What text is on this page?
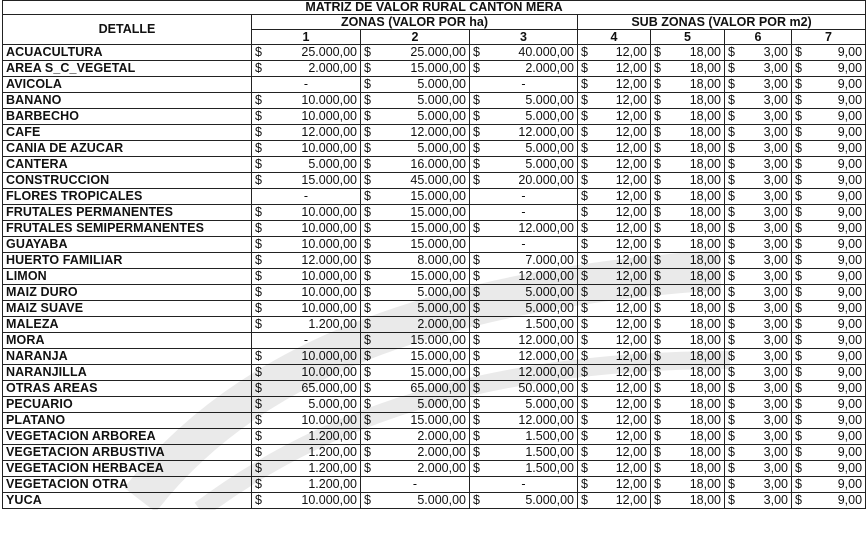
MATRIZ DE VALOR RURAL CANTON MERA							
DETALLE	ZONAS (VALOR POR ha)			SUB ZONAS (VALOR POR m2)			
	1	2	3	4	5	6	7
ACUACULTURA	$ 25.000,00	$ 25.000,00	$ 40.000,00	$ 12,00	$ 18,00	$ 3,00	$ 9,00

AREA S_C_VEGETAL	$ 2.000,00	$ 15.000,00	$ 2.000,00	$ 12,00	$ 18,00	$ 3,00	$ 9,00

AVICOLA	-	$ 5.000,00	-	$ 12,00	$ 18,00	$ 3,00	$ 9,00

BANANO	$ 10.000,00	$ 5.000,00	$ 5.000,00	$ 12,00	$ 18,00	$ 3,00	$ 9,00

BARBECHO	$ 10.000,00	$ 5.000,00	$ 5.000,00	$ 12,00	$ 18,00	$ 3,00	$ 9,00

CAFE	$ 12.000,00	$ 12.000,00	$ 12.000,00	$ 12,00	$ 18,00	$ 3,00	$ 9,00

CANIA DE AZUCAR	$ 10.000,00	$ 5.000,00	$ 5.000,00	$ 12,00	$ 18,00	$ 3,00	$ 9,00

CANTERA	$ 5.000,00	$ 16.000,00	$ 5.000,00	$ 12,00	$ 18,00	$ 3,00	$ 9,00

CONSTRUCCION	$ 15.000,00	$ 45.000,00	$ 20.000,00	$ 12,00	$ 18,00	$ 3,00	$ 9,00

FLORES TROPICALES	-	$ 15.000,00	-	$ 12,00	$ 18,00	$ 3,00	$ 9,00

FRUTALES PERMANENTES	$ 10.000,00	$ 15.000,00	-	$ 12,00	$ 18,00	$ 3,00	$ 9,00

FRUTALES SEMIPERMANENTES	$ 10.000,00	$ 15.000,00	$ 12.000,00	$ 12,00	$ 18,00	$ 3,00	$ 9,00

GUAYABA	$ 10.000,00	$ 15.000,00	-	$ 12,00	$ 18,00	$ 3,00	$ 9,00

HUERTO FAMILIAR	$ 12.000,00	$ 8.000,00	$ 7.000,00	$ 12,00	$ 18,00	$ 3,00	$ 9,00

LIMON	$ 10.000,00	$ 15.000,00	$ 12.000,00	$ 12,00	$ 18,00	$ 3,00	$ 9,00

MAIZ DURO	$ 10.000,00	$ 5.000,00	$ 5.000,00	$ 12,00	$ 18,00	$ 3,00	$ 9,00

MAIZ SUAVE	$ 10.000,00	$ 5.000,00	$ 5.000,00	$ 12,00	$ 18,00	$ 3,00	$ 9,00

MALEZA	$ 1.200,00	$ 2.000,00	$ 1.500,00	$ 12,00	$ 18,00	$ 3,00	$ 9,00

MORA	-	$ 15.000,00	$ 12.000,00	$ 12,00	$ 18,00	$ 3,00	$ 9,00

NARANJA	$ 10.000,00	$ 15.000,00	$ 12.000,00	$ 12,00	$ 18,00	$ 3,00	$ 9,00

NARANJILLA	$ 10.000,00	$ 15.000,00	$ 12.000,00	$ 12,00	$ 18,00	$ 3,00	$ 9,00

OTRAS AREAS	$ 65.000,00	$ 65.000,00	$ 50.000,00	$ 12,00	$ 18,00	$ 3,00	$ 9,00

PECUARIO	$ 5.000,00	$ 5.000,00	$ 5.000,00	$ 12,00	$ 18,00	$ 3,00	$ 9,00

PLATANO	$ 10.000,00	$ 15.000,00	$ 12.000,00	$ 12,00	$ 18,00	$ 3,00	$ 9,00

VEGETACION ARBOREA	$ 1.200,00	$ 2.000,00	$ 1.500,00	$ 12,00	$ 18,00	$ 3,00	$ 9,00

VEGETACION ARBUSTIVA	$ 1.200,00	$ 2.000,00	$ 1.500,00	$ 12,00	$ 18,00	$ 3,00	$ 9,00

VEGETACION HERBACEA	$ 1.200,00	$ 2.000,00	$ 1.500,00	$ 12,00	$ 18,00	$ 3,00	$ 9,00

VEGETACION OTRA	$ 1.200,00	-	-	$ 12,00	$ 18,00	$ 3,00	$ 9,00

YUCA	$ 10.000,00	$ 5.000,00	$ 5.000,00	$ 12,00	$ 18,00	$ 3,00	$ 9,00
